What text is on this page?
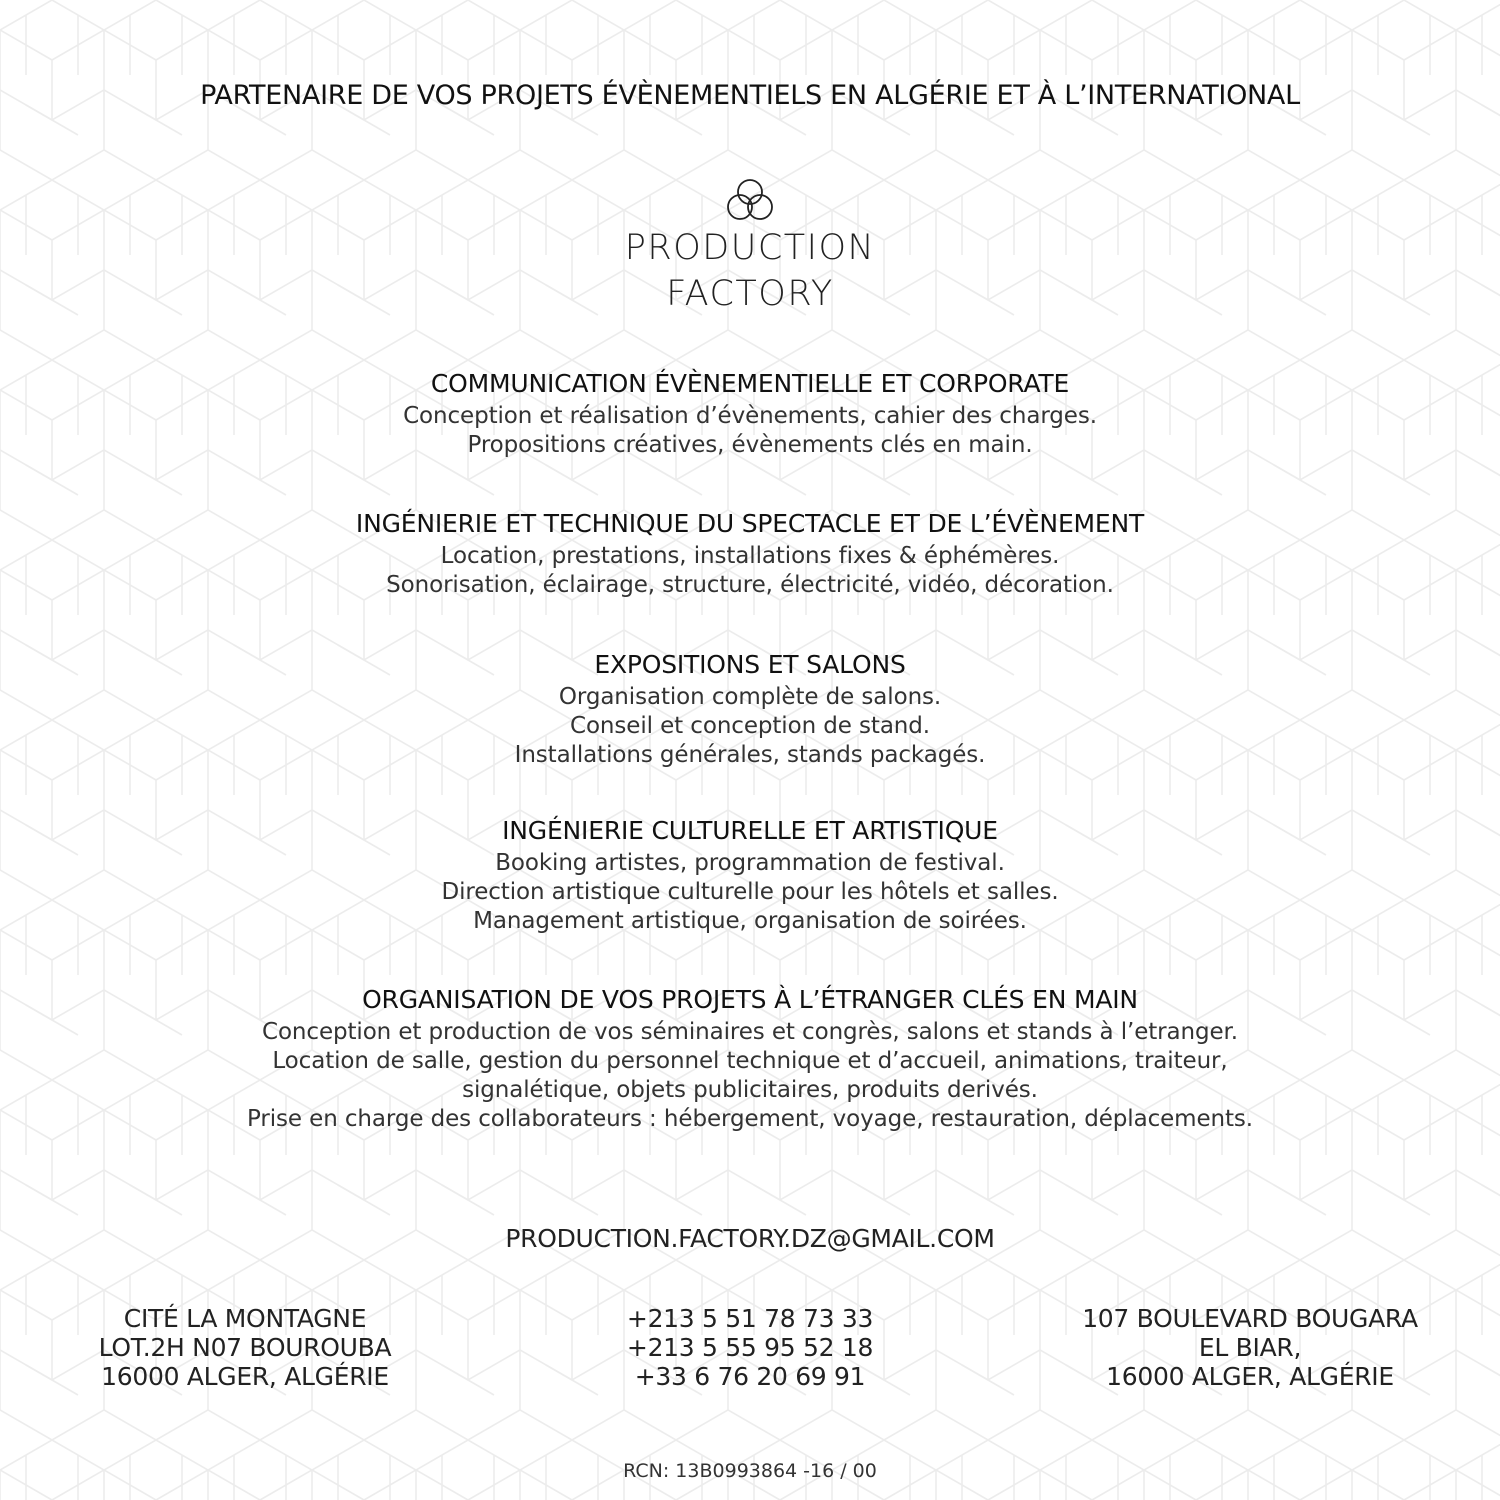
PARTENAIRE DE VOS PROJETS ÉVÈNEMENTIELS EN ALGÉRIE ET À L’INTERNATIONAL
PRODUCTION
FACTORY
COMMUNICATION ÉVÈNEMENTIELLE ET CORPORATE
Conception et réalisation d’évènements, cahier des charges.
Propositions créatives, évènements clés en main.
INGÉNIERIE ET TECHNIQUE DU SPECTACLE ET DE L’ÉVÈNEMENT
Location, prestations, installations fixes & éphémères.
Sonorisation, éclairage, structure, électricité, vidéo, décoration.
EXPOSITIONS ET SALONS
Organisation complète de salons.
Conseil et conception de stand.
Installations générales, stands packagés.
INGÉNIERIE CULTURELLE ET ARTISTIQUE
Booking artistes, programmation de festival.
Direction artistique culturelle pour les hôtels et salles.
Management artistique, organisation de soirées.
ORGANISATION DE VOS PROJETS À L’ÉTRANGER CLÉS EN MAIN
Conception et production de vos séminaires et congrès, salons et stands à l’etranger.
Location de salle, gestion du personnel technique et d’accueil, animations, traiteur,
signalétique, objets publicitaires, produits derivés.
Prise en charge des collaborateurs : hébergement, voyage, restauration, déplacements.
PRODUCTION.FACTORY.DZ@GMAIL.COM
CITÉ LA MONTAGNE
LOT.2H N07 BOUROUBA
16000 ALGER, ALGÉRIE
+213 5 51 78 73 33
+213 5 55 95 52 18
+33 6 76 20 69 91
107 BOULEVARD BOUGARA
EL BIAR,
16000 ALGER, ALGÉRIE
RCN: 13B0993864 -16 / 00
